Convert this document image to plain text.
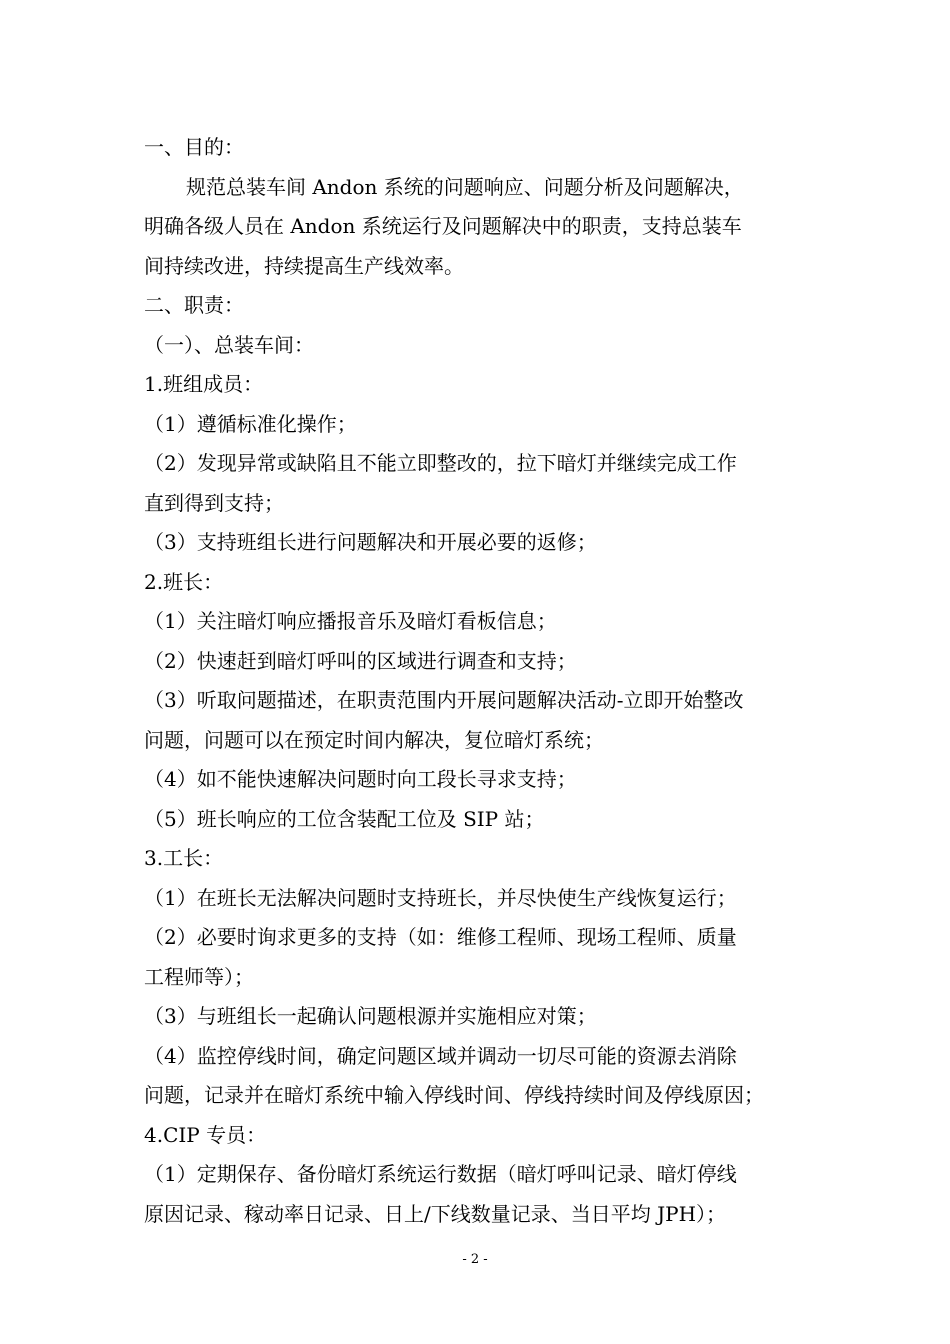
一、目的：
规范总装车间 Andon 系统的问题响应、问题分析及问题解决，
明确各级人员在 Andon 系统运行及问题解决中的职责，支持总装车
间持续改进，持续提高生产线效率。
二、职责：
（一）、总装车间：
1.班组成员：
（1）遵循标准化操作；
（2）发现异常或缺陷且不能立即整改的，拉下暗灯并继续完成工作
直到得到支持；
（3）支持班组长进行问题解决和开展必要的返修；
2.班长：
（1）关注暗灯响应播报音乐及暗灯看板信息；
（2）快速赶到暗灯呼叫的区域进行调查和支持；
（3）听取问题描述，在职责范围内开展问题解决活动-立即开始整改
问题，问题可以在预定时间内解决，复位暗灯系统；
（4）如不能快速解决问题时向工段长寻求支持；
（5）班长响应的工位含装配工位及 SIP 站；
3.工长：
（1）在班长无法解决问题时支持班长，并尽快使生产线恢复运行；
（2）必要时询求更多的支持（如：维修工程师、现场工程师、质量
工程师等）；
（3）与班组长一起确认问题根源并实施相应对策；
（4）监控停线时间，确定问题区域并调动一切尽可能的资源去消除
问题，记录并在暗灯系统中输入停线时间、停线持续时间及停线原因；
4.CIP 专员：
（1）定期保存、备份暗灯系统运行数据（暗灯呼叫记录、暗灯停线
原因记录、稼动率日记录、日上/下线数量记录、当日平均 JPH）；
- 2 -
